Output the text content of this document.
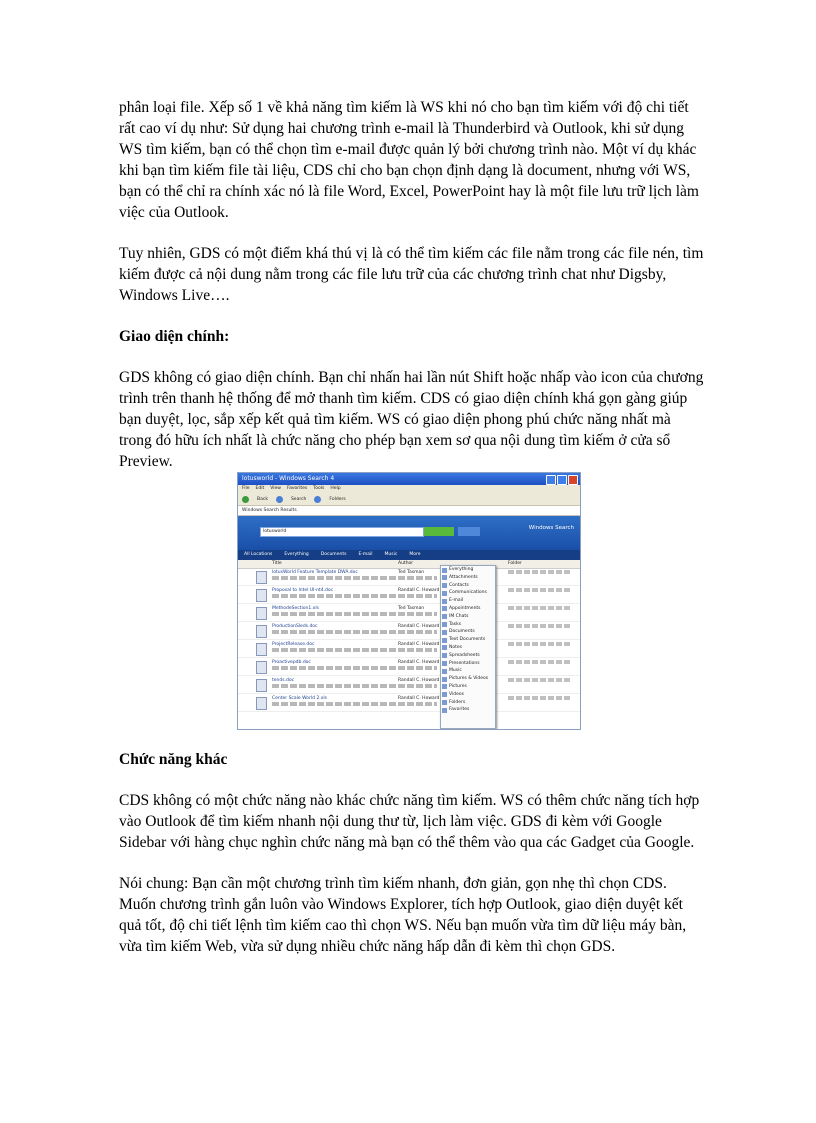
phân loại file. Xếp số 1 về khả năng tìm kiếm là WS khi nó cho bạn tìm kiếm với độ chi tiết rất cao ví dụ như: Sử dụng hai chương trình e-mail là Thunderbird và Outlook, khi sử dụng WS tìm kiếm, bạn có thể chọn tìm e-mail được quản lý bởi chương trình nào. Một ví dụ khác khi bạn tìm kiếm file tài liệu, CDS chỉ cho bạn chọn định dạng là document, nhưng với WS, bạn có thể chỉ ra chính xác nó là file Word, Excel, PowerPoint hay là một file lưu trữ lịch làm việc của Outlook.

Tuy nhiên, GDS có một điểm khá thú vị là có thể tìm kiếm các file nằm trong các file nén, tìm kiếm được cả nội dung nằm trong các file lưu trữ của các chương trình chat như Digsby, Windows Live….

Giao diện chính:

GDS không có giao diện chính. Bạn chỉ nhấn hai lần nút Shift hoặc nhấp vào icon của chương trình trên thanh hệ thống để mở thanh tìm kiếm. CDS có giao diện chính khá gọn gàng giúp bạn duyệt, lọc, sắp xếp kết quả tìm kiếm. WS có giao diện phong phú chức năng nhất mà trong đó hữu ích nhất là chức năng cho phép bạn xem sơ qua nội dung tìm kiếm ở cửa sổ Preview.

lotusworld - Windows Search 4
File Edit View Favorites Tools Help
Back	Search	Folders
Windows Search Results
lotusworld
Windows Search
All Locations	Everything	Documents	E-mail	Music	More
Title	Author	Folder
lotusWorld Feature Template DWA.doc	Ted Tasman
Proposal to Intel UI-nt4.doc	Randall C. Howard
MethodeSection1.xls	Ted Tasman
ProductionSleds.doc	Randall C. Howard
ProjectRelease.doc	Randall C. Howard
Proactivepdb.doc	Randall C. Howard
tends.doc	Randall C. Howard
Center Scale World 2.xls	Randall C. Howard
Everything
Attachments
Contacts
Communications
E-mail
Appointments
IM Chats
Tasks
Documents
Text Documents
Notes
Spreadsheets
Presentations
Music
Pictures & Videos
Pictures
Videos
Folders
Favorites
Chức năng khác

CDS không có một chức năng nào khác chức năng tìm kiếm. WS có thêm chức năng tích hợp vào Outlook để tìm kiếm nhanh nội dung thư từ, lịch làm việc. GDS đi kèm với Google Sidebar với hàng chục nghìn chức năng mà bạn có thể thêm vào qua các Gadget của Google.

Nói chung: Bạn cần một chương trình tìm kiếm nhanh, đơn giản, gọn nhẹ thì chọn CDS. Muốn chương trình gắn luôn vào Windows Explorer, tích hợp Outlook, giao diện duyệt kết quả tốt, độ chi tiết lệnh tìm kiếm cao thì chọn WS. Nếu bạn muốn vừa tìm dữ liệu máy bàn, vừa tìm kiếm Web, vừa sử dụng nhiều chức năng hấp dẫn đi kèm thì chọn GDS.
